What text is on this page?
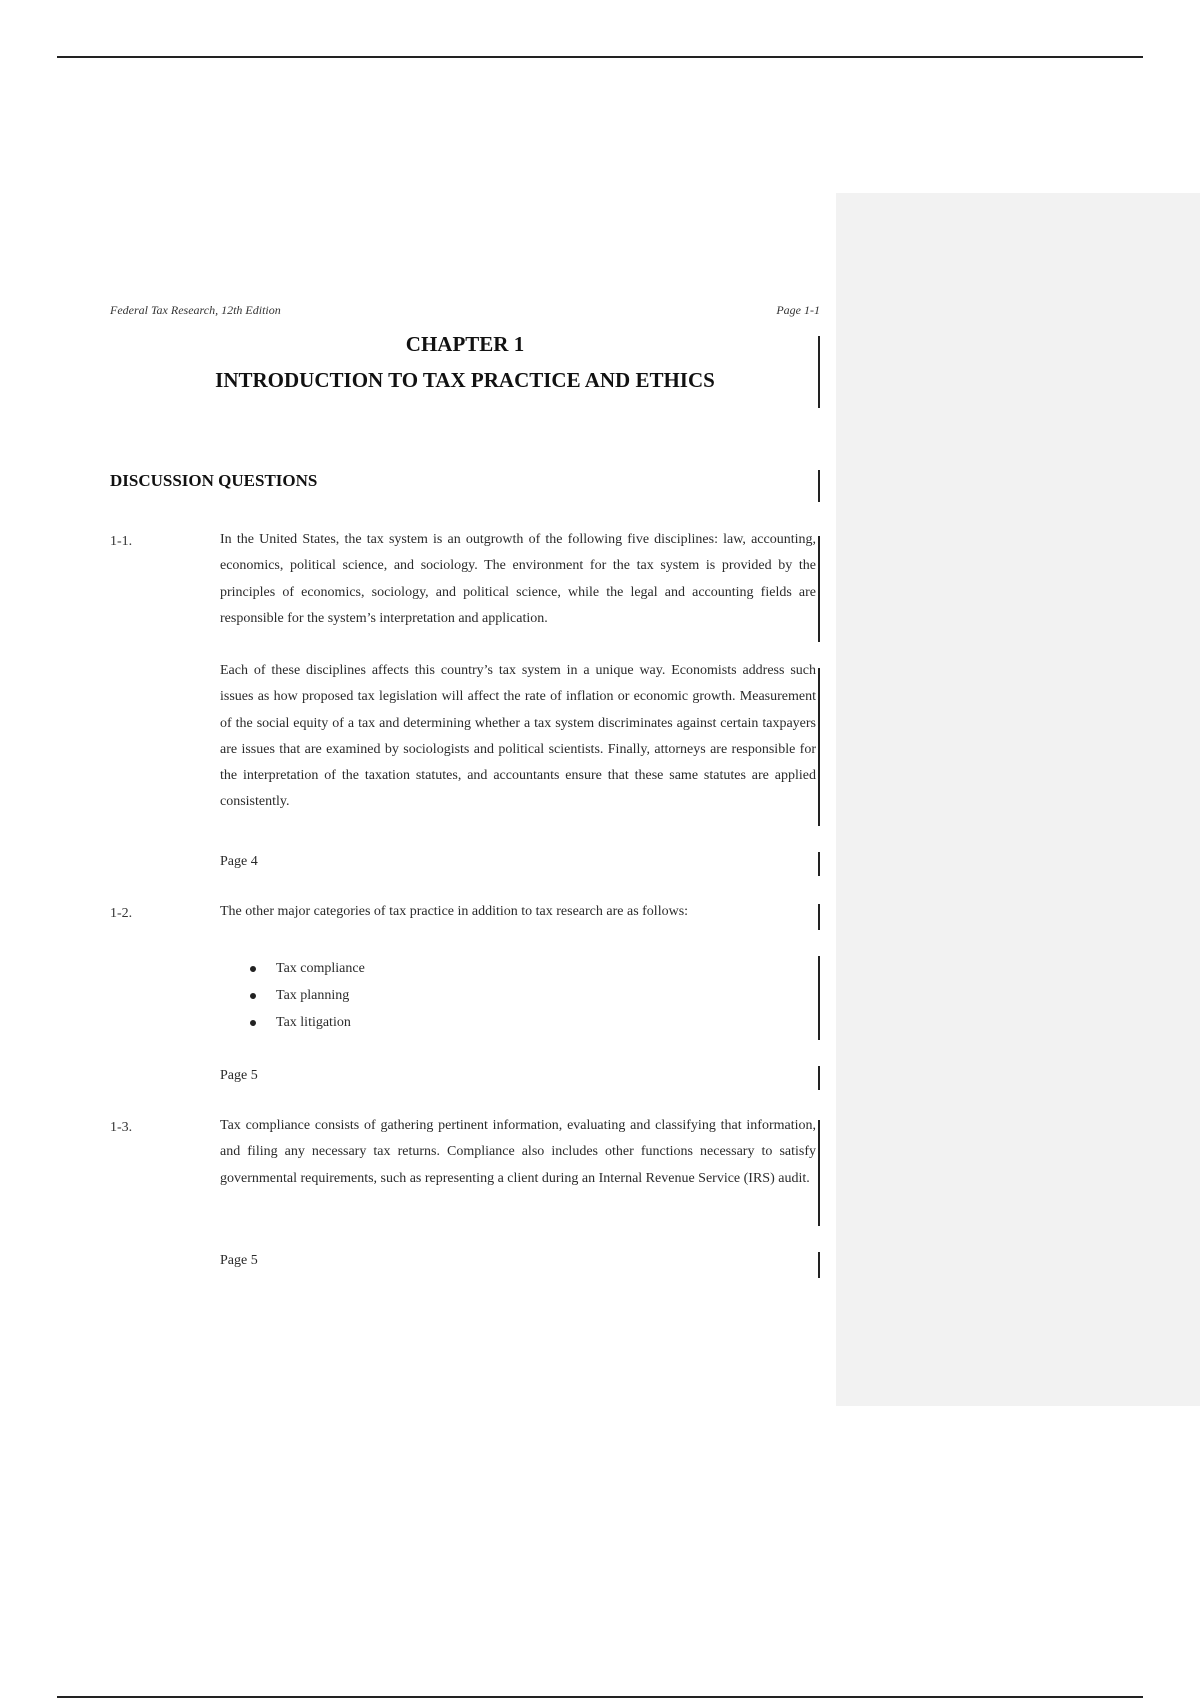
Federal Tax Research, 12th Edition	Page 1-1
CHAPTER 1
INTRODUCTION TO TAX PRACTICE AND ETHICS
DISCUSSION QUESTIONS
1-1.	In the United States, the tax system is an outgrowth of the following five disciplines: law, accounting, economics, political science, and sociology. The environment for the tax system is provided by the principles of economics, sociology, and political science, while the legal and accounting fields are responsible for the system’s interpretation and application.
Each of these disciplines affects this country’s tax system in a unique way. Economists address such issues as how proposed tax legislation will affect the rate of inflation or economic growth. Measurement of the social equity of a tax and determining whether a tax system discriminates against certain taxpayers are issues that are examined by sociologists and political scientists. Finally, attorneys are responsible for the interpretation of the taxation statutes, and accountants ensure that these same statutes are applied consistently.
Page 4
1-2.	The other major categories of tax practice in addition to tax research are as follows:
Tax compliance
Tax planning
Tax litigation
Page 5
1-3.	Tax compliance consists of gathering pertinent information, evaluating and classifying that information, and filing any necessary tax returns. Compliance also includes other functions necessary to satisfy governmental requirements, such as representing a client during an Internal Revenue Service (IRS) audit.
Page 5
